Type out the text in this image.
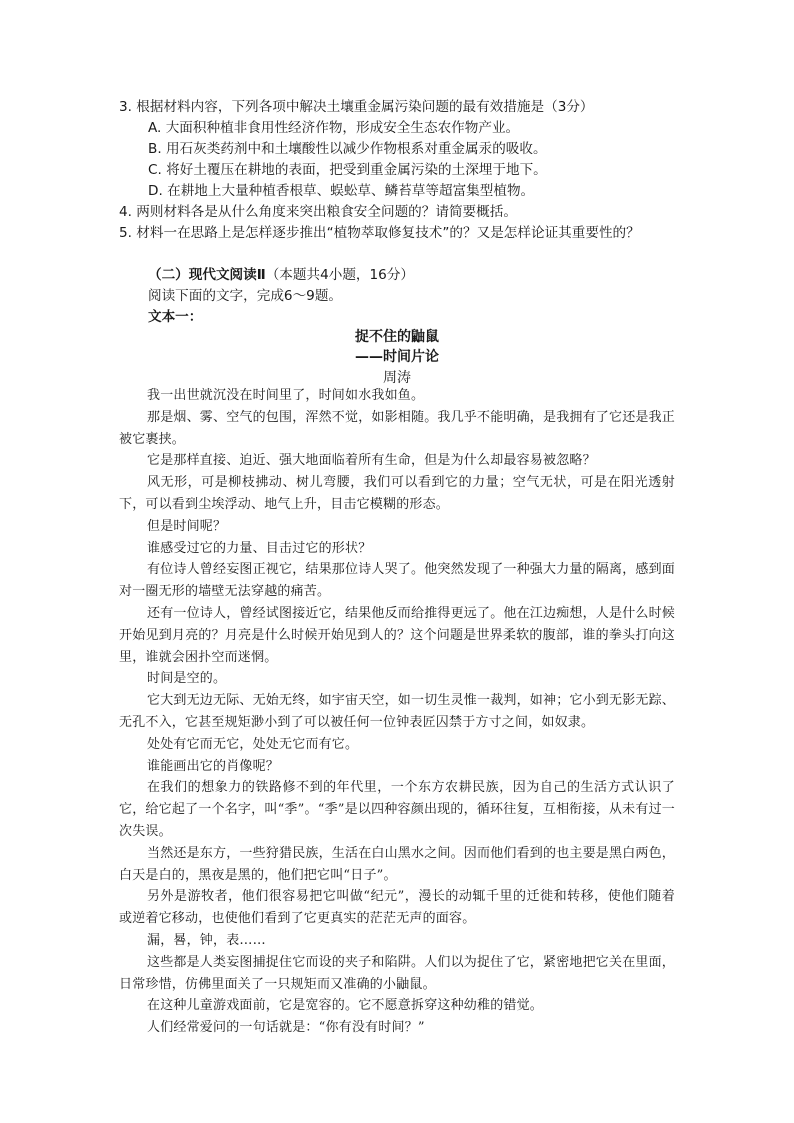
3. 根据材料内容，下列各项中解决土壤重金属污染问题的最有效措施是（3分）
A. 大面积种植非食用性经济作物，形成安全生态农作物产业。
B. 用石灰类药剂中和土壤酸性以减少作物根系对重金属汞的吸收。
C. 将好土覆压在耕地的表面，把受到重金属污染的土深埋于地下。
D. 在耕地上大量种植香根草、蜈蚣草、鳞苔草等超富集型植物。
4. 两则材料各是从什么角度来突出粮食安全问题的？请简要概括。
5. 材料一在思路上是怎样逐步推出“植物萃取修复技术”的？又是怎样论证其重要性的？
（二）现代文阅读Ⅱ（本题共4小题，16分）
阅读下面的文字，完成6～9题。
文本一：
捉不住的鼬鼠
——时间片论
周涛

我一出世就沉没在时间里了，时间如水我如鱼。

那是烟、雾、空气的包围，浑然不觉，如影相随。我几乎不能明确，是我拥有了它还是我正被它裹挟。

它是那样直接、迫近、强大地面临着所有生命，但是为什么却最容易被忽略？

风无形，可是柳枝拂动、树儿弯腰，我们可以看到它的力量；空气无状，可是在阳光透射下，可以看到尘埃浮动、地气上升，目击它模糊的形态。

但是时间呢？

谁感受过它的力量、目击过它的形状？

有位诗人曾经妄图正视它，结果那位诗人哭了。他突然发现了一种强大力量的隔离，感到面对一圈无形的墙壁无法穿越的痛苦。

还有一位诗人，曾经试图接近它，结果他反而给推得更远了。他在江边痴想，人是什么时候开始见到月亮的？月亮是什么时候开始见到人的？这个问题是世界柔软的腹部，谁的拳头打向这里，谁就会困扑空而迷惘。

时间是空的。

它大到无边无际、无始无终，如宇宙天空，如一切生灵惟一裁判，如神；它小到无影无踪、无孔不入，它甚至规矩渺小到了可以被任何一位钟表匠囚禁于方寸之间，如奴隶。

处处有它而无它，处处无它而有它。

谁能画出它的肖像呢？

在我们的想象力的铁路修不到的年代里，一个东方农耕民族，因为自己的生活方式认识了它，给它起了一个名字，叫“季”。“季”是以四种容颜出现的，循环往复，互相衔接，从未有过一次失误。

当然还是东方，一些狩猎民族，生活在白山黑水之间。因而他们看到的也主要是黑白两色，白天是白的，黑夜是黑的，他们把它叫“日子”。

另外是游牧者，他们很容易把它叫做“纪元”，漫长的动辄千里的迁徙和转移，使他们随着或逆着它移动，也使他们看到了它更真实的茫茫无声的面容。

漏，晷，钟，表……

这些都是人类妄图捕捉住它而设的夹子和陷阱。人们以为捉住了它，紧密地把它关在里面，日常珍惜，仿佛里面关了一只规矩而又准确的小鼬鼠。

在这种儿童游戏面前，它是宽容的。它不愿意拆穿这种幼稚的错觉。

人们经常爱问的一句话就是：“你有没有时间？”
